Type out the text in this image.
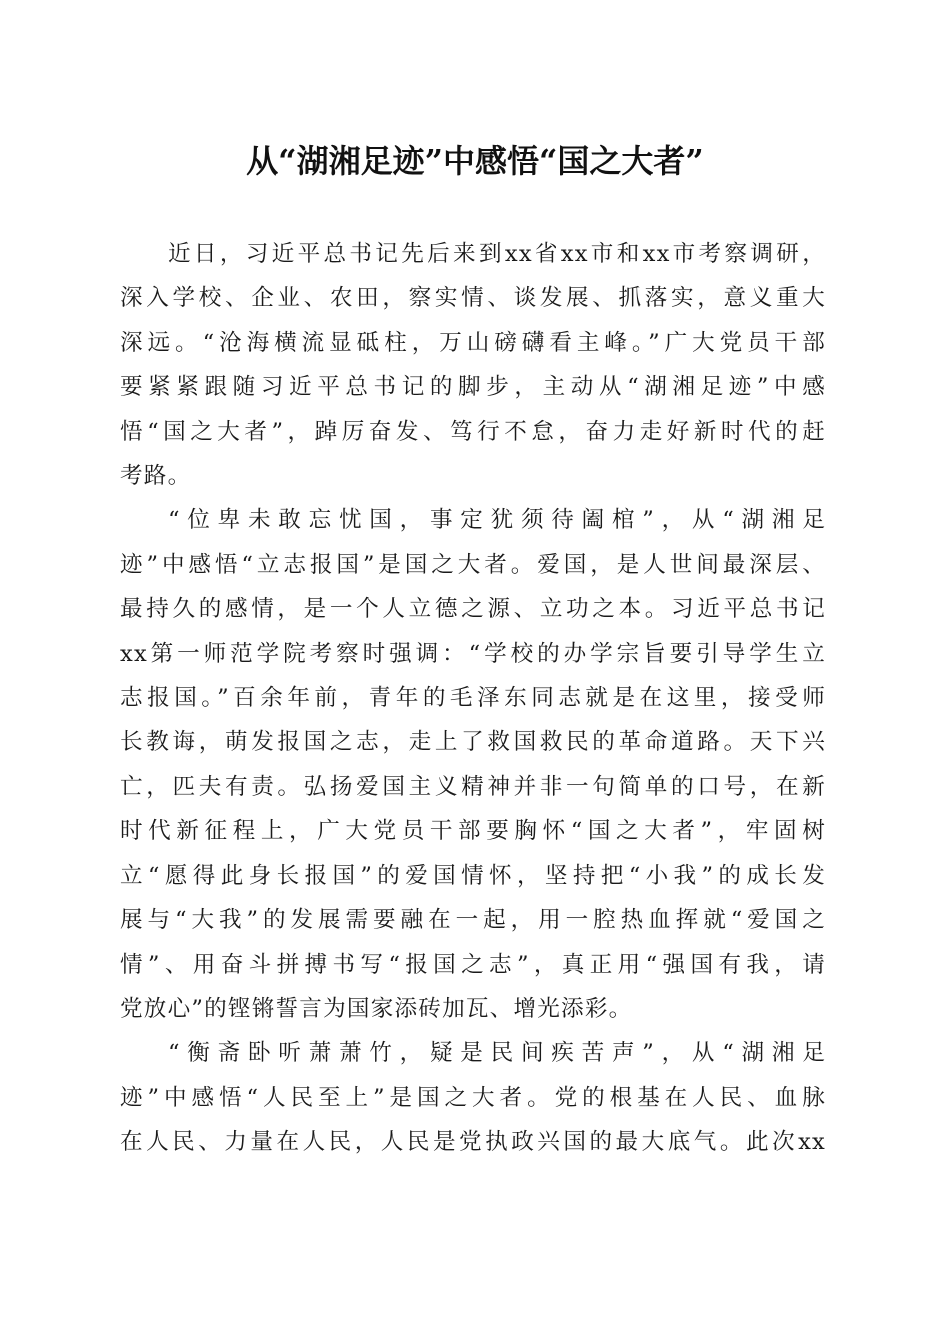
从“湖湘足迹”中感悟“国之大者”

近日，习近平总书记先后来到xx省xx市和xx市考察调研，
深入学校、企业、农田，察实情、谈发展、抓落实，意义重大
深远。“沧海横流显砥柱，万山磅礴看主峰。”广大党员干部
要紧紧跟随习近平总书记的脚步，主动从“湖湘足迹”中感
悟“国之大者”，踔厉奋发、笃行不怠，奋力走好新时代的赶
考路。

“位卑未敢忘忧国，事定犹须待阖棺”，从“湖湘足
迹”中感悟“立志报国”是国之大者。爱国，是人世间最深层、
最持久的感情，是一个人立德之源、立功之本。习近平总书记
xx第一师范学院考察时强调：“学校的办学宗旨要引导学生立
志报国。”百余年前，青年的毛泽东同志就是在这里，接受师
长教诲，萌发报国之志，走上了救国救民的革命道路。天下兴
亡，匹夫有责。弘扬爱国主义精神并非一句简单的口号，在新
时代新征程上，广大党员干部要胸怀“国之大者”，牢固树
立“愿得此身长报国”的爱国情怀，坚持把“小我”的成长发
展与“大我”的发展需要融在一起，用一腔热血挥就“爱国之
情”、用奋斗拼搏书写“报国之志”，真正用“强国有我，请
党放心”的铿锵誓言为国家添砖加瓦、增光添彩。

“衡斋卧听萧萧竹，疑是民间疾苦声”，从“湖湘足
迹”中感悟“人民至上”是国之大者。党的根基在人民、血脉
在人民、力量在人民，人民是党执政兴国的最大底气。此次xx
